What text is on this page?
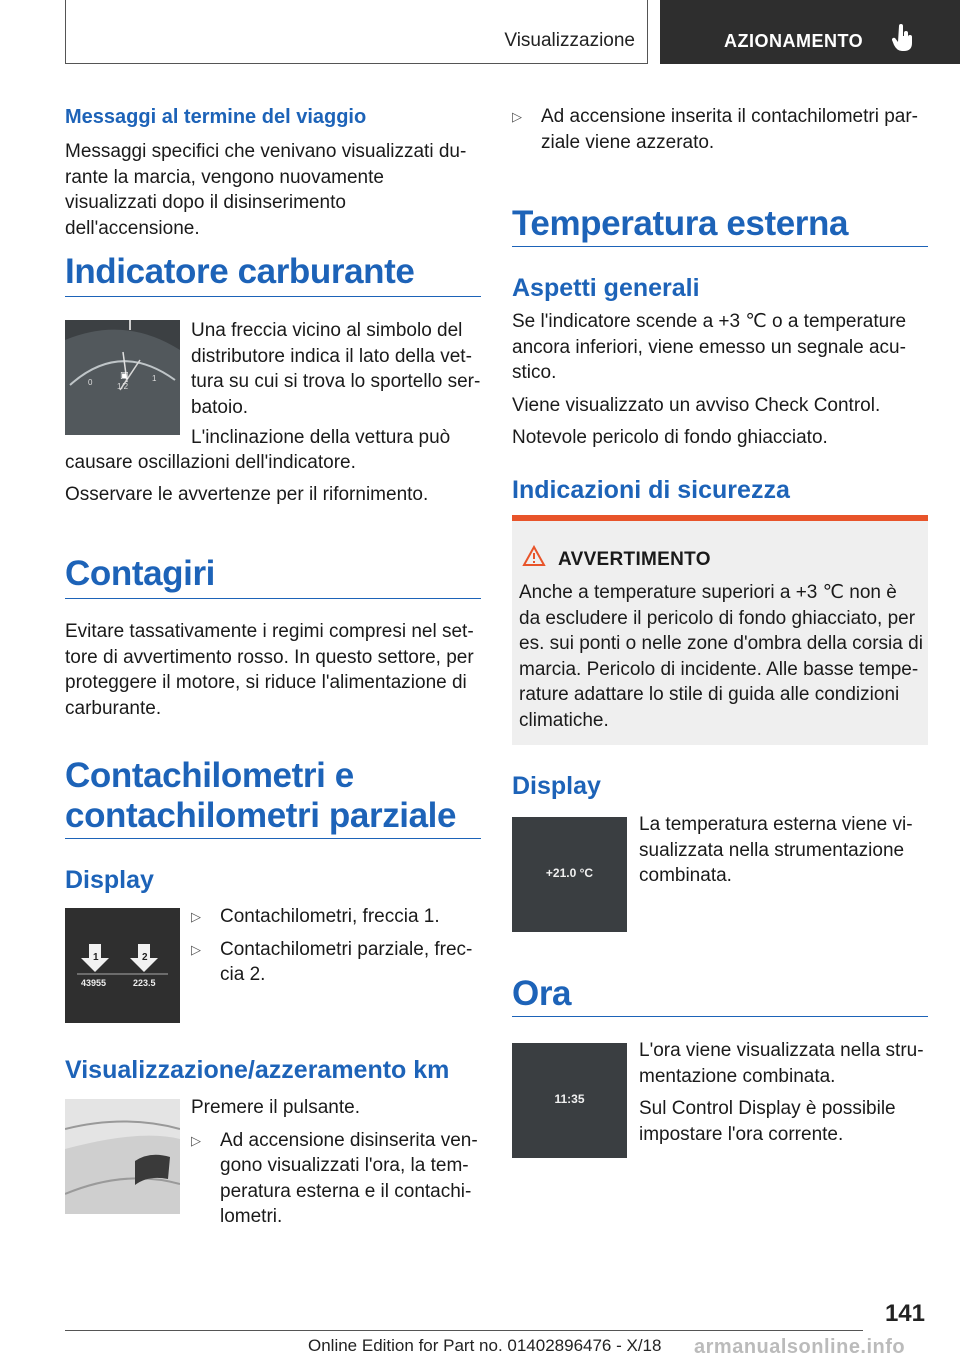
Visualizzazione	AZIONAMENTO
Messaggi al termine del viaggio

Messaggi specifici che venivano visualizzati du-rante la marcia, vengono nuovamente visualizzati dopo il disinserimento dell'accensione.

Indicatore carburante
0	1/2
1
▣

Una freccia vicino al simbolo del distributore indica il lato della vet-tura su cui si trova lo sportello ser-batoio.

L'inclinazione della vettura può

causare oscillazioni dell'indicatore.

Osservare le avvertenze per il rifornimento.

Contagiri

Evitare tassativamente i regimi compresi nel set-tore di avvertimento rosso. In questo settore, per proteggere il motore, si riduce l'alimentazione di carburante.

Contachilometri e
contachilometri parziale
Display
1	2
43955	223.5

▷ Contachilometri, freccia 1.

▷ Contachilometri parziale, frec-cia 2.

Visualizzazione/azzeramento km

Premere il pulsante.

▷ Ad accensione disinserita ven-gono visualizzati l'ora, la tem-peratura esterna e il contachi-lometri.

▷ Ad accensione inserita il contachilometri par-ziale viene azzerato.

Temperatura esterna
Aspetti generali

Se l'indicatore scende a +3 ℃ o a temperature ancora inferiori, viene emesso un segnale acu-stico.

Viene visualizzato un avviso Check Control.

Notevole pericolo di fondo ghiacciato.

Indicazioni di sicurezza
AVVERTIMENTO

Anche a temperature superiori a +3 ℃ non è da escludere il pericolo di fondo ghiacciato, per es. sui ponti o nelle zone d'ombra della corsia di marcia. Pericolo di incidente. Alle basse tempe-rature adattare lo stile di guida alle condizioni climatiche.

Display
+21.0 °C

La temperatura esterna viene vi-sualizzata nella strumentazione combinata.

Ora
11:35

L'ora viene visualizzata nella stru-mentazione combinata.

Sul Control Display è possibile impostare l'ora corrente.

141
Online Edition for Part no. 01402896476 - X/18 armanualsonline.info
